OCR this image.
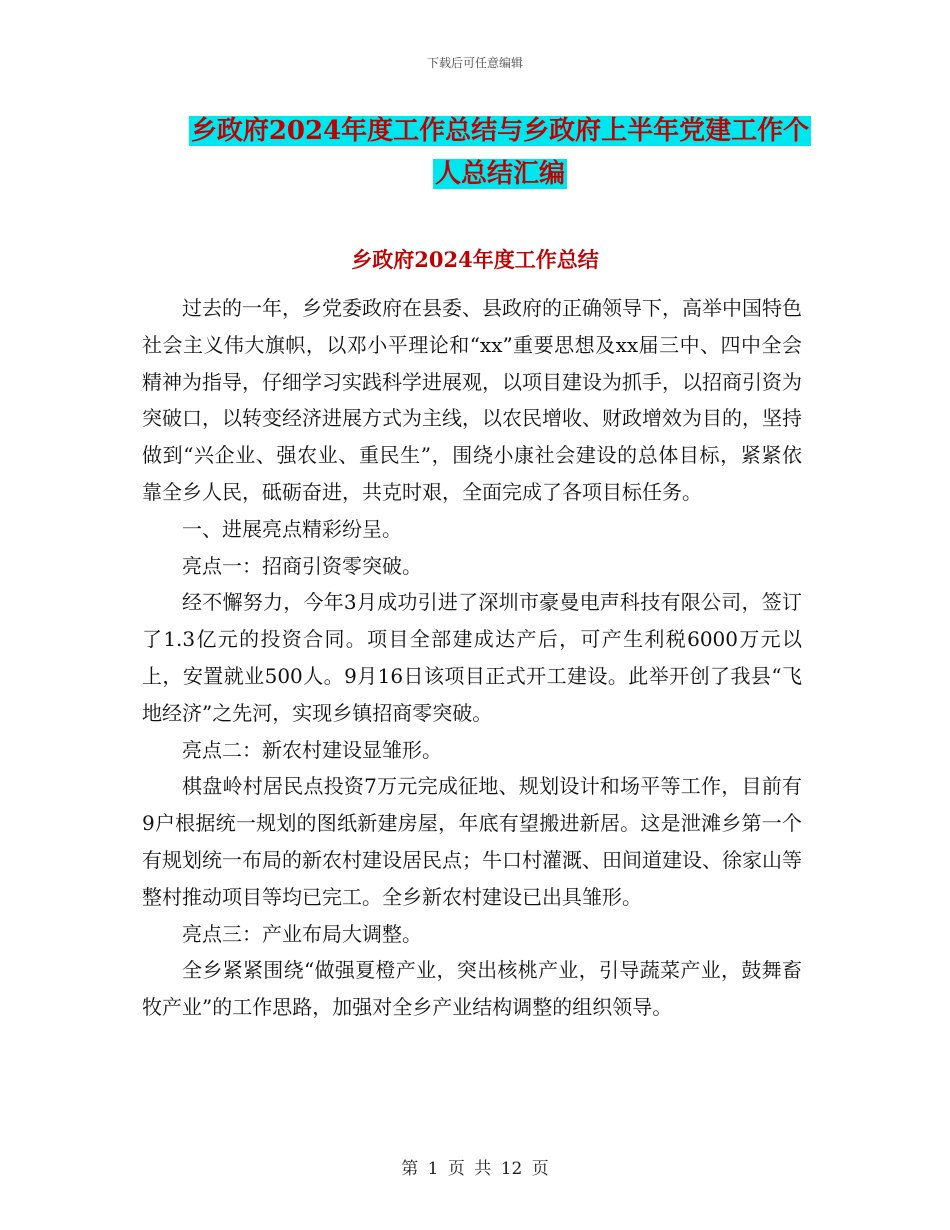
下载后可任意编辑
乡政府2024年度工作总结与乡政府上半年党建工作个
人总结汇编
乡政府2024年度工作总结

过去的一年，乡党委政府在县委、县政府的正确领导下，高举中国特色社会主义伟大旗帜，以邓小平理论和“xx”重要思想及xx届三中、四中全会精神为指导，仔细学习实践科学进展观，以项目建设为抓手，以招商引资为突破口，以转变经济进展方式为主线，以农民增收、财政增效为目的，坚持做到“兴企业、强农业、重民生”，围绕小康社会建设的总体目标，紧紧依靠全乡人民，砥砺奋进，共克时艰，全面完成了各项目标任务。

一、进展亮点精彩纷呈。

亮点一：招商引资零突破。

经不懈努力，今年3月成功引进了深圳市豪曼电声科技有限公司，签订了1.3亿元的投资合同。项目全部建成达产后，可产生利税6000万元以上，安置就业500人。9月16日该项目正式开工建设。此举开创了我县“飞地经济”之先河，实现乡镇招商零突破。

亮点二：新农村建设显雏形。

棋盘岭村居民点投资7万元完成征地、规划设计和场平等工作，目前有9户根据统一规划的图纸新建房屋，年底有望搬进新居。这是泄滩乡第一个有规划统一布局的新农村建设居民点；牛口村灌溉、田间道建设、徐家山等整村推动项目等均已完工。全乡新农村建设已出具雏形。

亮点三：产业布局大调整。

全乡紧紧围绕“做强夏橙产业，突出核桃产业，引导蔬菜产业，鼓舞畜牧产业”的工作思路，加强对全乡产业结构调整的组织领导。

第 1 页 共 12 页
